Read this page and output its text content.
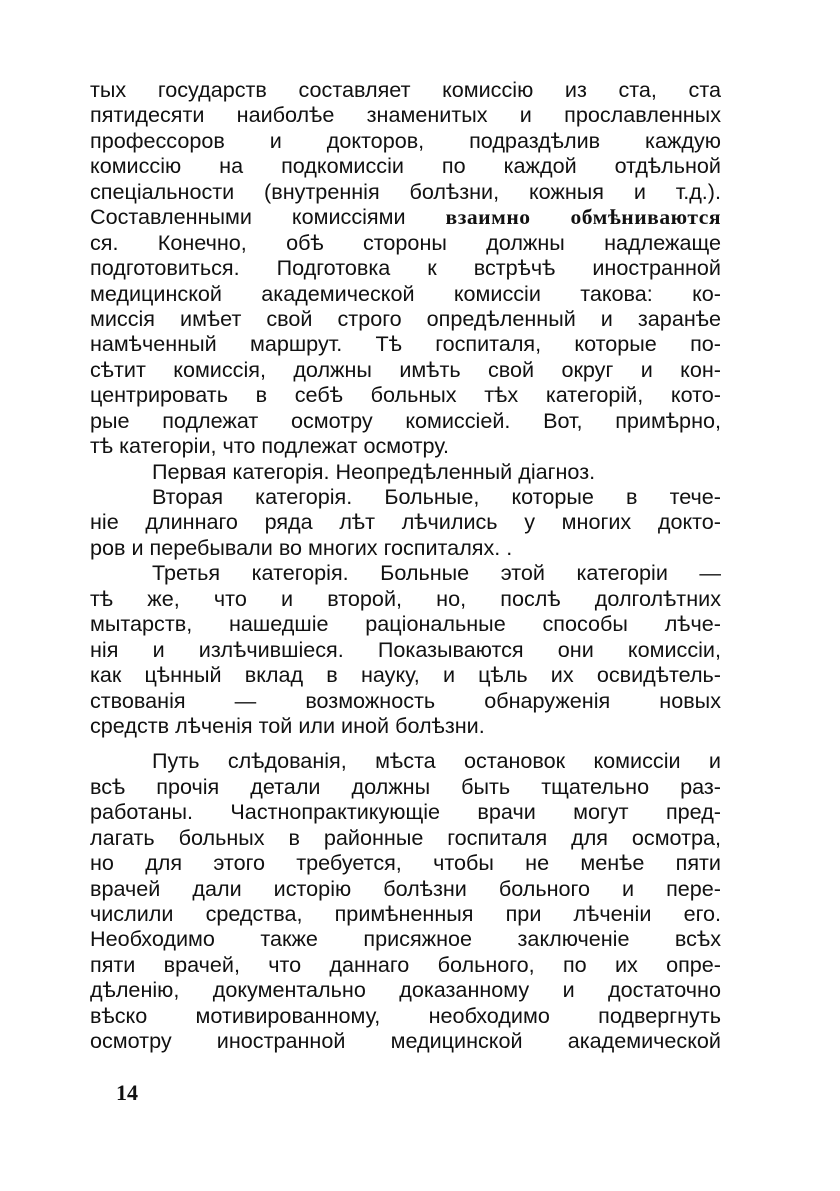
тых государств составляет комиссію из ста, ста
пятидесяти наиболѣе знаменитых и прославленных
профессоров и докторов, подраздѣлив каждую
комиссію на подкомиссіи по каждой отдѣльной
спеціальности (внутреннія болѣзни, кожныя и т.д.).
Составленными комиссіями взаимно обмѣниваются
ся. Конечно, обѣ стороны должны надлежаще
подготовиться. Подготовка к встрѣчѣ иностранной
медицинской академической комиссіи такова: ко-
миссія имѣет свой строго опредѣленный и заранѣе
намѣченный маршрут. Тѣ госпиталя, которые по-
сѣтит комиссія, должны имѣть свой округ и кон-
центрировать в себѣ больных тѣх категорій, кото-
рые подлежат осмотру комиссіей. Вот, примѣрно,
тѣ категоріи, что подлежат осмотру.
Первая категорія. Неопредѣленный діагноз.
Вторая категорія. Больные, которые в тече-
ніе длиннаго ряда лѣт лѣчились у многих докто-
ров и перебывали во многих госпиталях. .
Третья категорія. Больные этой категоріи —
тѣ же, что и второй, но, послѣ долголѣтних
мытарств, нашедшіе раціональные способы лѣче-
нія и излѣчившіеся. Показываются они комиссіи,
как цѣнный вклад в науку, и цѣль их освидѣтель-
ствованія — возможность обнаруженія новых
средств лѣченія той или иной болѣзни.
Путь слѣдованія, мѣста остановок комиссіи и
всѣ прочія детали должны быть тщательно раз-
работаны. Частнопрактикующіе врачи могут пред-
лагать больных в районные госпиталя для осмотра,
но для этого требуется, чтобы не менѣе пяти
врачей дали исторію болѣзни больного и пере-
числили средства, примѣненныя при лѣченіи его.
Необходимо также присяжное заключеніе всѣх
пяти врачей, что даннаго больного, по их опре-
дѣленію, документально доказанному и достаточно
вѣско мотивированному, необходимо подвергнуть
осмотру иностранной медицинской академической
14
